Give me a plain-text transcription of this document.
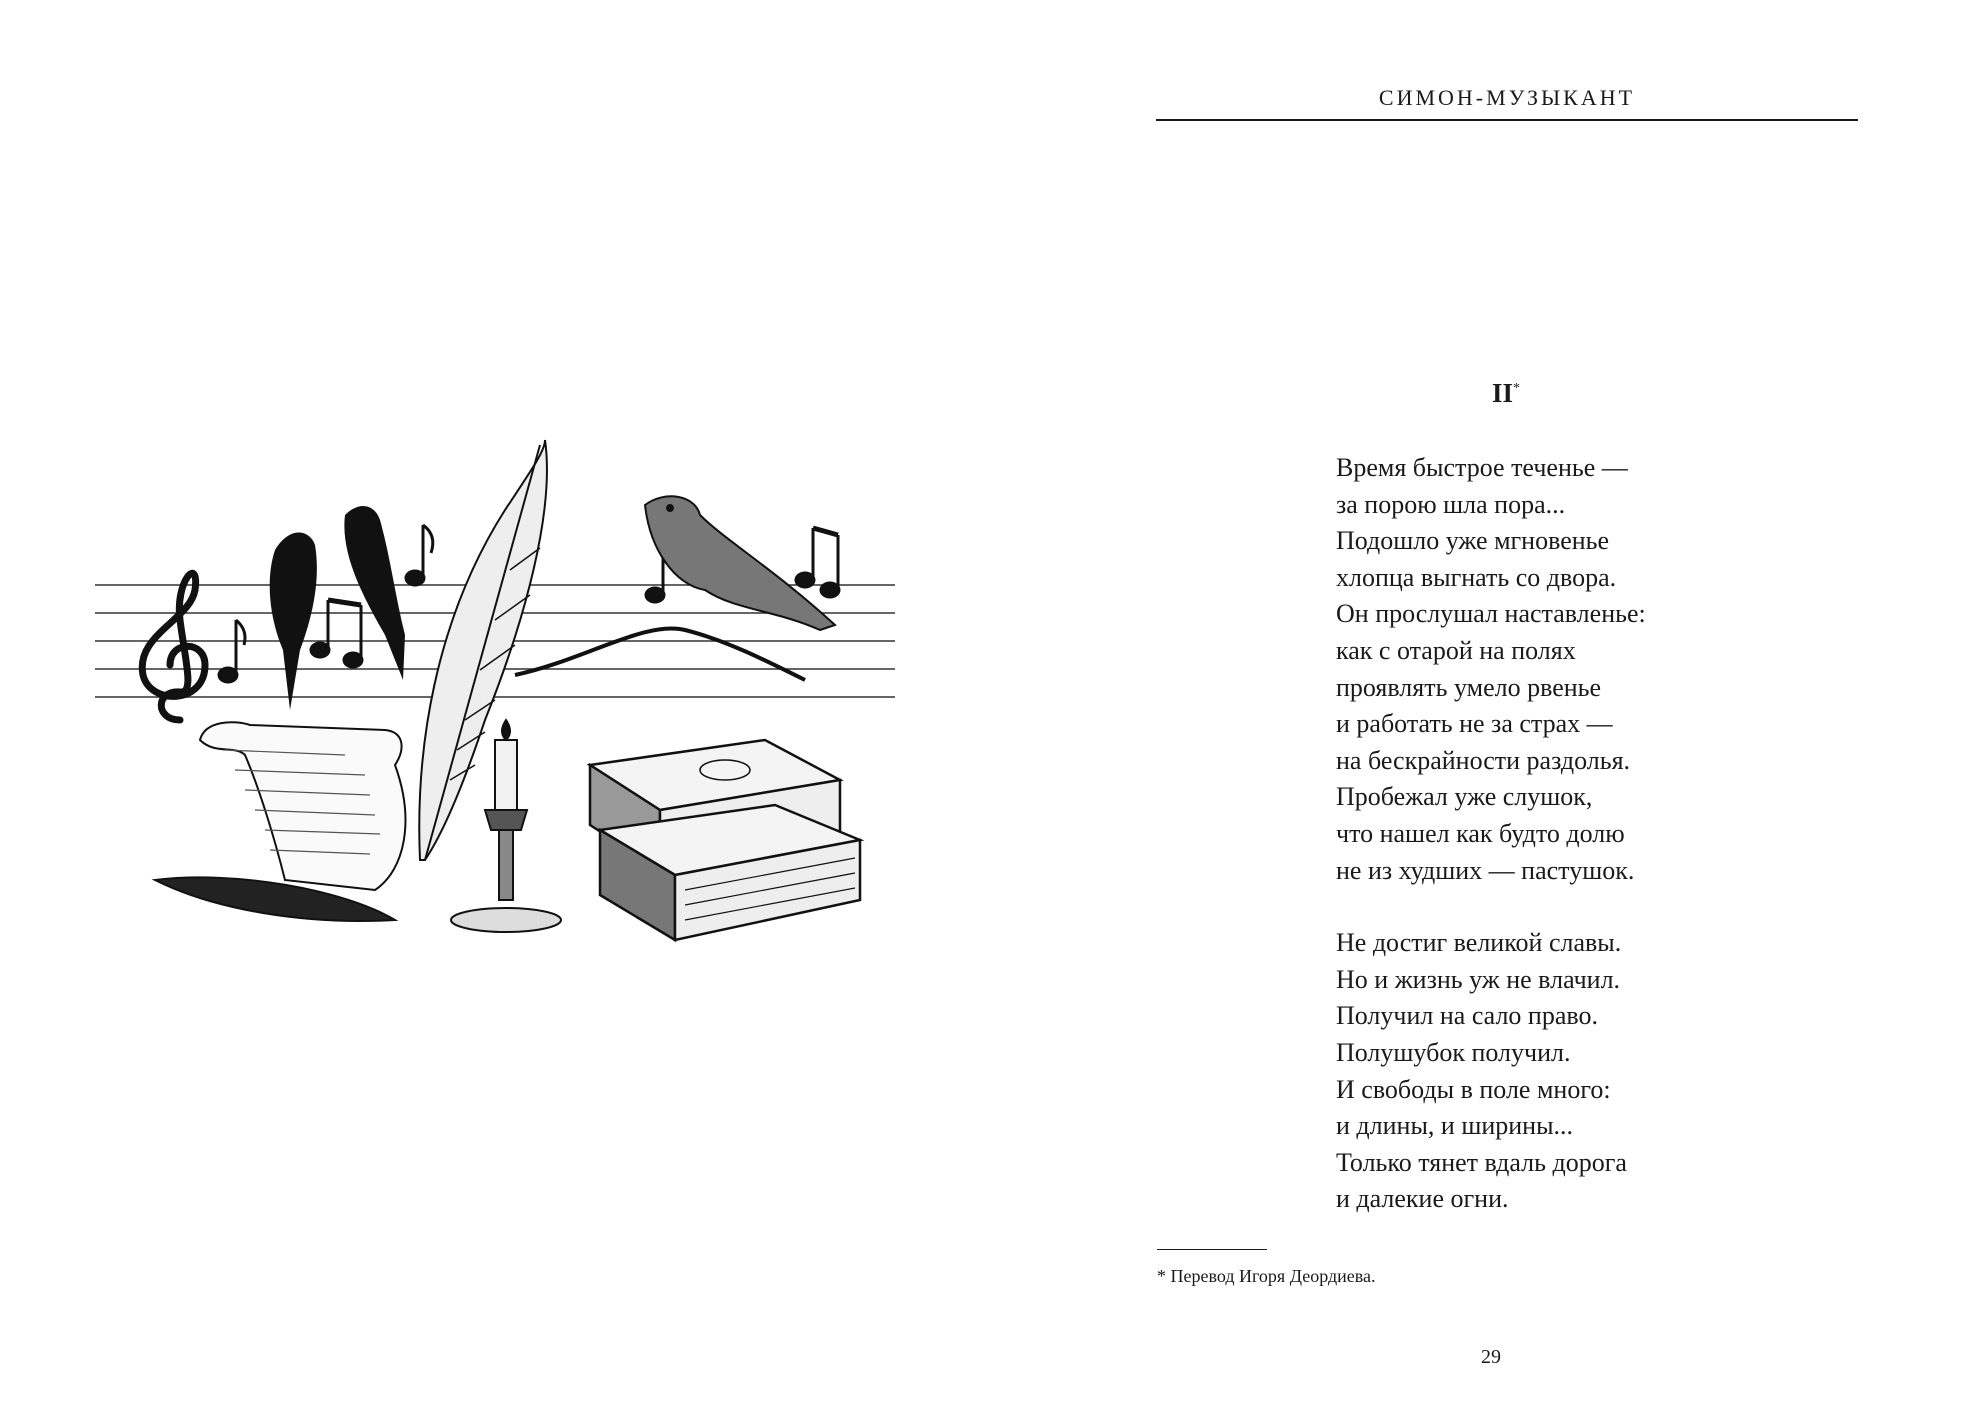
СИМОН-МУЗЫКАНТ
II*
Время быстрое теченье —
за порою шла пора...
Подошло уже мгновенье
хлопца выгнать со двора.
Он прослушал наставленье:
как с отарой на полях
проявлять умело рвенье
и работать не за страх —
на бескрайности раздолья.
Пробежал уже слушок,
что нашел как будто долю
не из худших — пастушок.
Не достиг великой славы.
Но и жизнь уж не влачил.
Получил на сало право.
Полушубок получил.
И свободы в поле много:
и длины, и ширины...
Только тянет вдаль дорога
и далекие огни.
* Перевод Игоря Деордиева.
29
